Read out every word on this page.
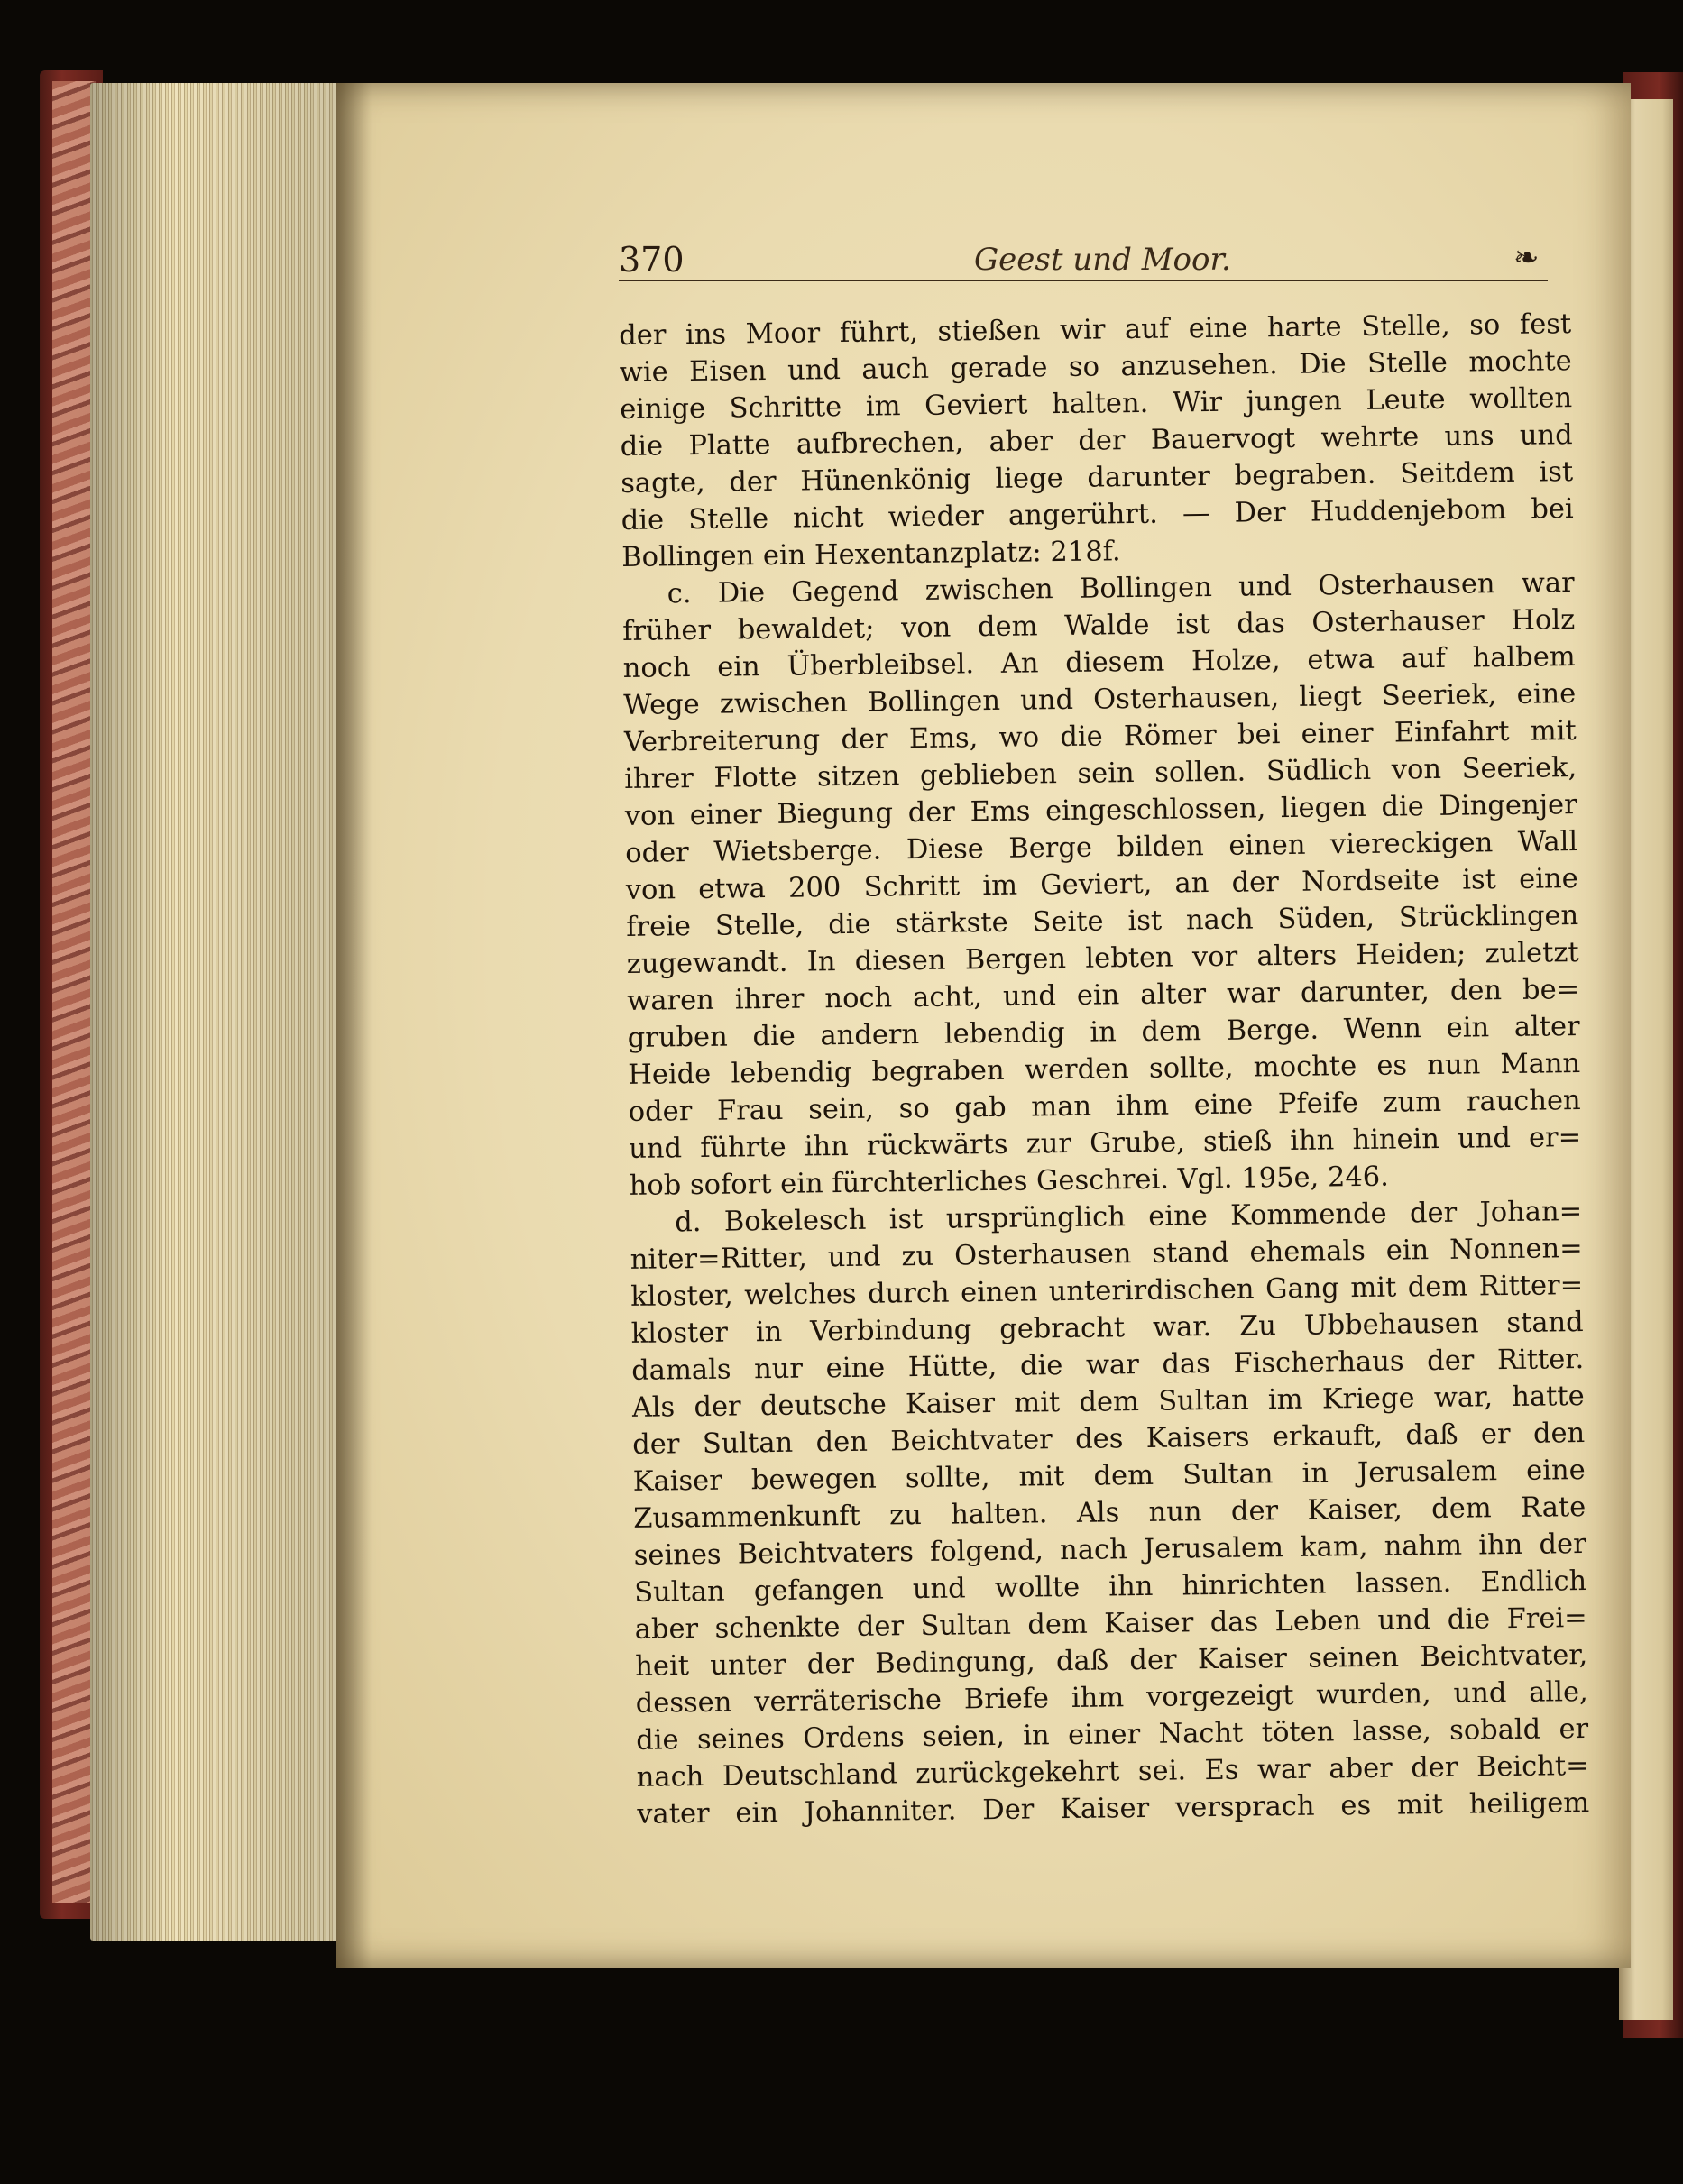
370	Geest und Moor.	❧
der ins Moor führt, stießen wir auf eine harte Stelle, so fest
wie Eisen und auch gerade so anzusehen. Die Stelle mochte
einige Schritte im Geviert halten. Wir jungen Leute wollten
die Platte aufbrechen, aber der Bauervogt wehrte uns und
sagte, der Hünenkönig liege darunter begraben. Seitdem ist
die Stelle nicht wieder angerührt. — Der Huddenjebom bei
Bollingen ein Hexentanzplatz: 218f.
c. Die Gegend zwischen Bollingen und Osterhausen war
früher bewaldet; von dem Walde ist das Osterhauser Holz
noch ein Überbleibsel. An diesem Holze, etwa auf halbem
Wege zwischen Bollingen und Osterhausen, liegt Seeriek, eine
Verbreiterung der Ems, wo die Römer bei einer Einfahrt mit
ihrer Flotte sitzen geblieben sein sollen. Südlich von Seeriek,
von einer Biegung der Ems eingeschlossen, liegen die Dingenjer
oder Wietsberge. Diese Berge bilden einen viereckigen Wall
von etwa 200 Schritt im Geviert, an der Nordseite ist eine
freie Stelle, die stärkste Seite ist nach Süden, Strücklingen
zugewandt. In diesen Bergen lebten vor alters Heiden; zuletzt
waren ihrer noch acht, und ein alter war darunter, den be=
gruben die andern lebendig in dem Berge. Wenn ein alter
Heide lebendig begraben werden sollte, mochte es nun Mann
oder Frau sein, so gab man ihm eine Pfeife zum rauchen
und führte ihn rückwärts zur Grube, stieß ihn hinein und er=
hob sofort ein fürchterliches Geschrei. Vgl. 195e, 246.
d. Bokelesch ist ursprünglich eine Kommende der Johan=
niter=Ritter, und zu Osterhausen stand ehemals ein Nonnen=
kloster, welches durch einen unterirdischen Gang mit dem Ritter=
kloster in Verbindung gebracht war. Zu Ubbehausen stand
damals nur eine Hütte, die war das Fischerhaus der Ritter.
Als der deutsche Kaiser mit dem Sultan im Kriege war, hatte
der Sultan den Beichtvater des Kaisers erkauft, daß er den
Kaiser bewegen sollte, mit dem Sultan in Jerusalem eine
Zusammenkunft zu halten. Als nun der Kaiser, dem Rate
seines Beichtvaters folgend, nach Jerusalem kam, nahm ihn der
Sultan gefangen und wollte ihn hinrichten lassen. Endlich
aber schenkte der Sultan dem Kaiser das Leben und die Frei=
heit unter der Bedingung, daß der Kaiser seinen Beichtvater,
dessen verräterische Briefe ihm vorgezeigt wurden, und alle,
die seines Ordens seien, in einer Nacht töten lasse, sobald er
nach Deutschland zurückgekehrt sei. Es war aber der Beicht=
vater ein Johanniter. Der Kaiser versprach es mit heiligem
